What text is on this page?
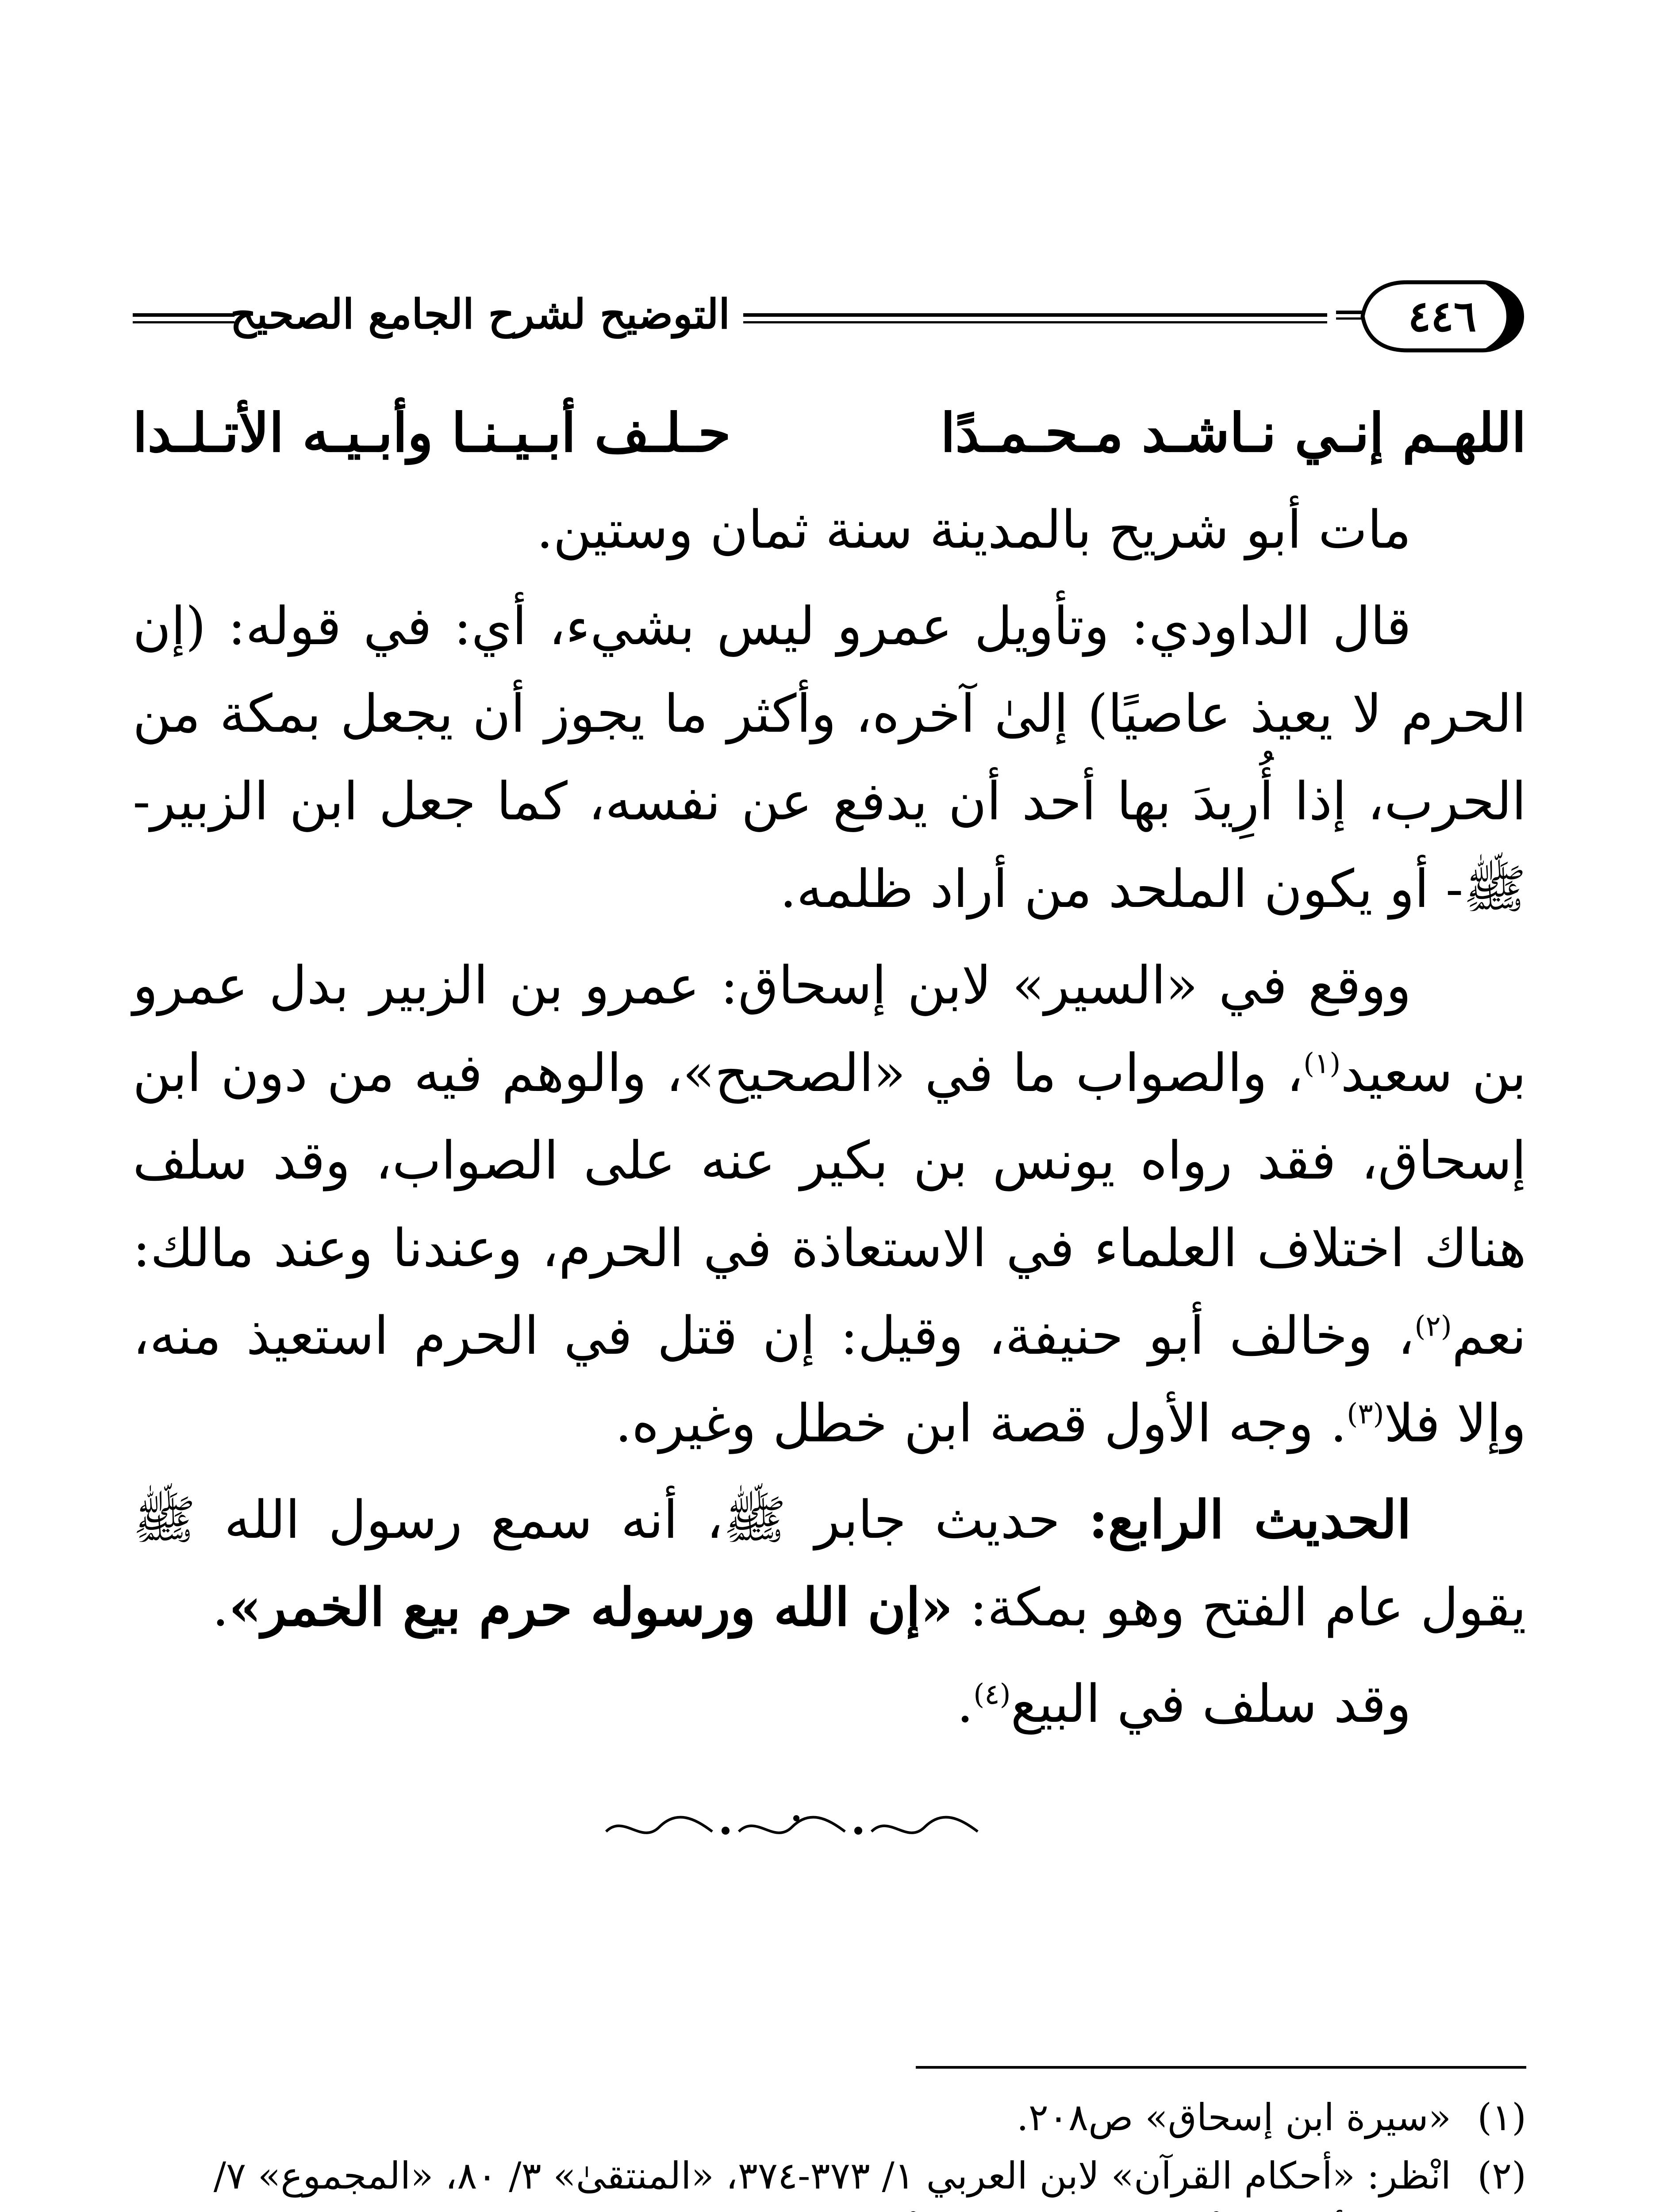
٤٤٦
التوضيح لشرح الجامع الصحيح

اللهـم إنـي نـاشـد مـحـمـدًا
حـلـف أبـيـنـا وأبـيـه الأتـلـدا

مات أبو شريح بالمدينة سنة ثمان وستين.

قال الداودي: وتأويل عمرو ليس بشيء، أي: في قوله: (إن الحرم لا يعيذ عاصيًا) إلىٰ آخره، وأكثر ما يجوز أن يجعل بمكة من الحرب، إذا أُرِيدَ بها أحد أن يدفع عن نفسه، كما جعل ابن الزبير- ﷺ- أو يكون الملحد من أراد ظلمه.

ووقع في «السير» لابن إسحاق: عمرو بن الزبير بدل عمرو بن سعيد$^{(١)}$، والصواب ما في «الصحيح»، والوهم فيه من دون ابن إسحاق، فقد رواه يونس بن بكير عنه على الصواب، وقد سلف هناك اختلاف العلماء في الاستعاذة في الحرم، وعندنا وعند مالك: نعم$^{(٢)}$، وخالف أبو حنيفة، وقيل: إن قتل في الحرم استعيذ منه، وإلا فلا$^{(٣)}$. وجه الأول قصة ابن خطل وغيره.

الحديث الرابع: حديث جابر ﷺ، أنه سمع رسول الله ﷺ يقول عام الفتح وهو بمكة: «إن الله ورسوله حرم بيع الخمر».

وقد سلف في البيع$^{(٤)}$.

(١)
«سيرة ابن إسحاق» ص٢٠٨.

(٢)
انْظر: «أحكام القرآن» لابن العربي ١/ ٣٧٣-٣٧٤، «المنتقىٰ» ٣/ ٨٠، «المجموع» ٧/
